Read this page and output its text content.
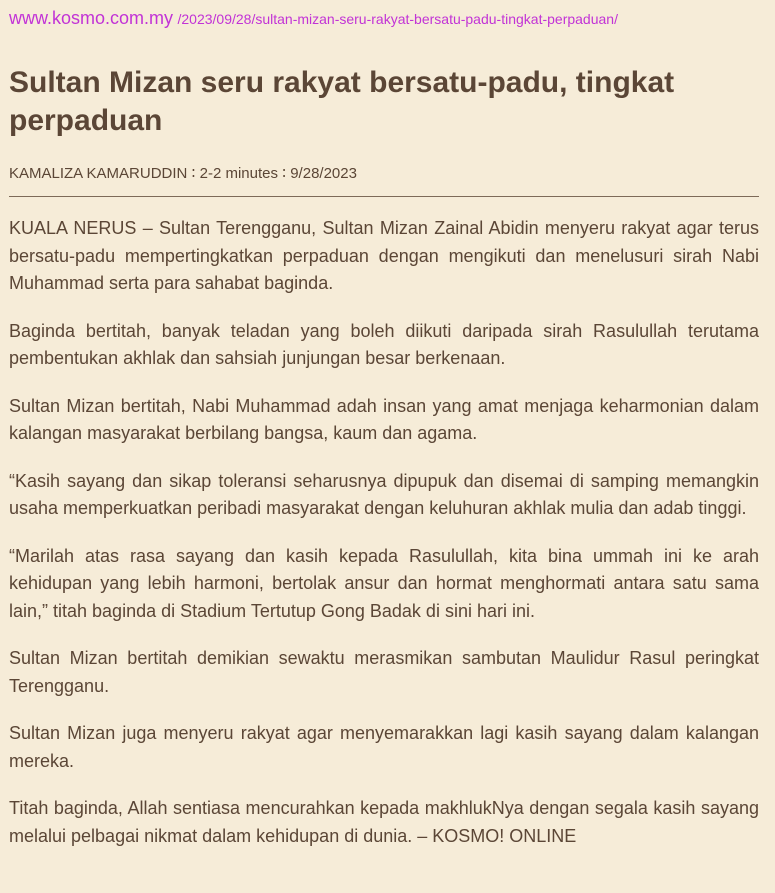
www.kosmo.com.my /2023/09/28/sultan-mizan-seru-rakyat-bersatu-padu-tingkat-perpaduan/
Sultan Mizan seru rakyat bersatu-padu, tingkat perpaduan
KAMALIZA KAMARUDDIN ∶ 2-2 minutes ∶ 9/28/2023

KUALA NERUS – Sultan Terengganu, Sultan Mizan Zainal Abidin menyeru rakyat agar terus bersatu-padu mempertingkatkan perpaduan dengan mengikuti dan menelusuri sirah Nabi Muhammad serta para sahabat baginda.

Baginda bertitah, banyak teladan yang boleh diikuti daripada sirah Rasulullah terutama pembentukan akhlak dan sahsiah junjungan besar berkenaan.

Sultan Mizan bertitah, Nabi Muhammad adah insan yang amat menjaga keharmonian dalam kalangan masyarakat berbilang bangsa, kaum dan agama.

“Kasih sayang dan sikap toleransi seharusnya dipupuk dan disemai di samping memangkin usaha memperkuatkan peribadi masyarakat dengan keluhuran akhlak mulia dan adab tinggi.

“Marilah atas rasa sayang dan kasih kepada Rasulullah, kita bina ummah ini ke arah kehidupan yang lebih harmoni, bertolak ansur dan hormat menghormati antara satu sama lain,” titah baginda di Stadium Tertutup Gong Badak di sini hari ini.

Sultan Mizan bertitah demikian sewaktu merasmikan sambutan Maulidur Rasul peringkat Terengganu.

Sultan Mizan juga menyeru rakyat agar menyemarakkan lagi kasih sayang dalam kalangan mereka.

Titah baginda, Allah sentiasa mencurahkan kepada makhlukNya dengan segala kasih sayang melalui pelbagai nikmat dalam kehidupan di dunia. – KOSMO! ONLINE
